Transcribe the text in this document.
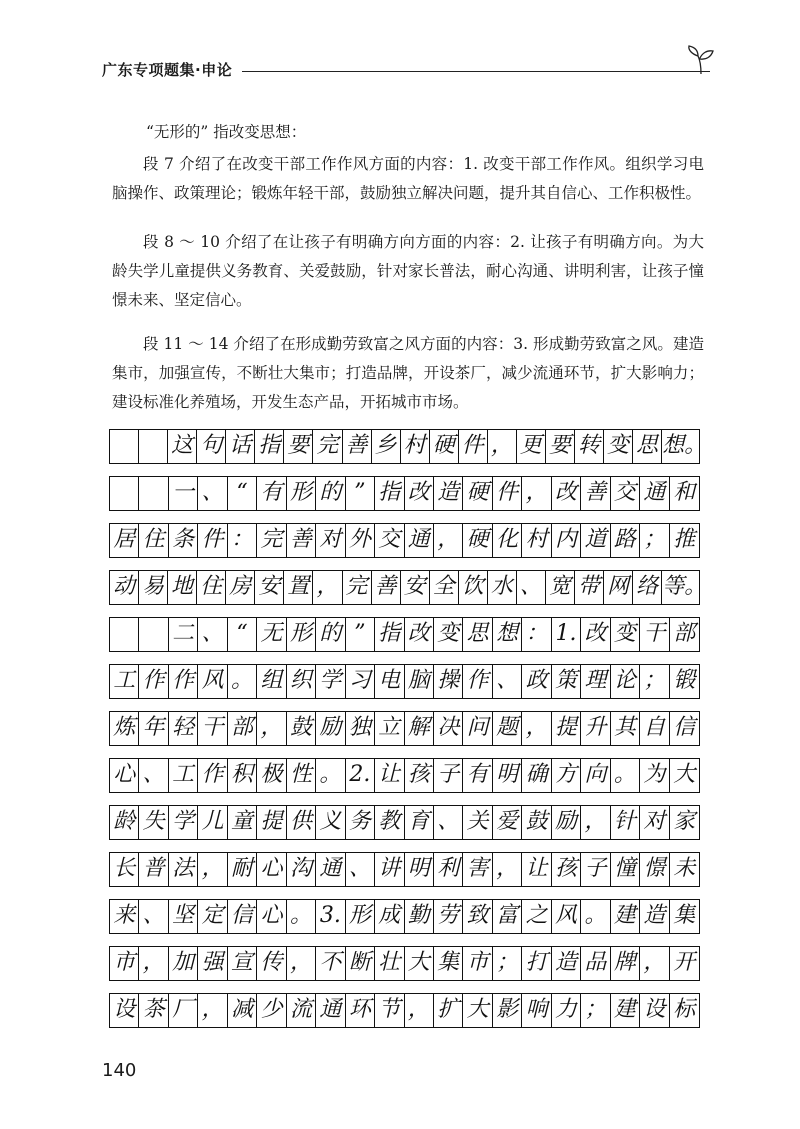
广东专项题集·申论

“无形的” 指改变思想：

段 7 介绍了在改变干部工作作风方面的内容：1. 改变干部工作作风。组织学习电脑操作、政策理论；锻炼年轻干部，鼓励独立解决问题，提升其自信心、工作积极性。

段 8 ～ 10 介绍了在让孩子有明确方向方面的内容：2. 让孩子有明确方向。为大龄失学儿童提供义务教育、关爱鼓励，针对家长普法，耐心沟通、讲明利害，让孩子憧憬未来、坚定信心。

段 11 ～ 14 介绍了在形成勤劳致富之风方面的内容：3. 形成勤劳致富之风。建造集市，加强宣传，不断壮大集市；打造品牌，开设茶厂，减少流通环节，扩大影响力；建设标准化养殖场，开发生态产品，开拓城市市场。

这 句 话 指 要 完 善 乡 村 硬 件 ， 更 要 转 变 思 想。
一 、 “ 有 形 的 ” 指 改 造 硬 件 ， 改 善 交 通 和
居 住 条 件 ： 完 善 对 外 交 通 ， 硬 化 村 内 道 路 ； 推
动 易 地 住 房 安 置 ， 完 善 安 全 饮 水 、 宽 带 网 络 等。
二 、 “ 无 形 的 ” 指 改 变 思 想 ： 1. 改 变 干 部
工 作 作 风 。 组 织 学 习 电 脑 操 作 、 政 策 理 论 ； 锻
炼 年 轻 干 部 ， 鼓 励 独 立 解 决 问 题 ， 提 升 其 自 信
心 、 工 作 积 极 性 。 2. 让 孩 子 有 明 确 方 向 。 为 大
龄 失 学 儿 童 提 供 义 务 教 育 、 关 爱 鼓 励 ， 针 对 家
长 普 法 ， 耐 心 沟 通 、 讲 明 利 害 ， 让 孩 子 憧 憬 未
来 、 坚 定 信 心 。 3. 形 成 勤 劳 致 富 之 风 。 建 造 集
市 ， 加 强 宣 传 ， 不 断 壮 大 集 市 ； 打 造 品 牌 ， 开
设 茶 厂 ， 减 少 流 通 环 节 ， 扩 大 影 响 力 ； 建 设 标
140
